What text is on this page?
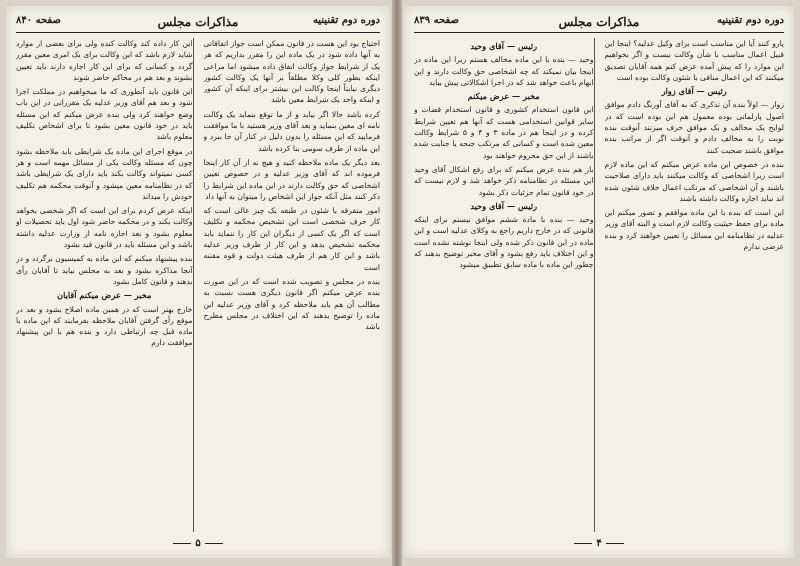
دوره دوم تقنینیه
مذاکرات مجلس
صفحه ۸۴۰

احتیاج بود این هست در قانون ممکن است جواز اتفاقاتی به آنها داده شود در یک ماده این را مقرر بداریم که هر یک از شرایط جواز وکالت اتفاق داده میشود اما مراعی اینکه بطور کلی وکلا مطلقاً بر آنها یک وکالت کشور دیگری نیابتاً اینجا وکالت این بیشتر برای اینکه آن کشور و اینکه واحد یک شرایط معین باشد

کرده باشد حالا اگر بیاید و از ما توقع بنماید یک وکالت نامه ای معین بنماید و بعد آقای وزیر هستید با ما موافقت فرمایید که این مسئله را بدون دلیل در کنار آن جا ببرد و این ماده از طرف سومی بنا کرده باشد

بعد دیگر یک ماده ملاحظه کنید و هیچ نه از آن کار اینجا فرموده اند که آقای وزیر عدلیه و در خصوص تعیین اشخاصی که حق وکالت دارند در این ماده این شرایط را ذکر کنند مثل آنکه جواز این اشخاص را میتوان به آنها داد

امور متفرقه یا شئون در طبقه یک چیز عالی است که کار حرف شخصی است این تشخیص محکمه و تکلیف است که اگر یک کسی از دیگران این کار را ننماید باید محکمه تشخیص بدهد و این کار از طرف وزیر عدلیه باشد و این کار هم از طرف هیئت دولت و قوه مقننه است

بنده در مجلس و تصویب شده است که در این صورت بنده عرض میکنم اگر قانون دیگری هست نسبت به مطالب آن هم باید ملاحظه کرد و آقای وزیر عدلیه این ماده را توضیح بدهند که این اختلاف در مجلس مطرح باشد

این کار داده کند وکالت کنده ولی برای بعضی از موارد شاید لازم باشد که این وکالت برای یک امری معین مقرر گردد و کسانی که برای این کار اجازه دارند باید تعیین بشوند و بعد هم در محاکم حاضر شوند

این قانون باید آنطوری که ما میخواهیم در مملکت اجرا شود و بعد هم آقای وزیر عدلیه یک مقرراتی در این باب وضع خواهند کرد ولی بنده عرض میکنم که این مسئله باید در خود قانون معین بشود تا برای اشخاص تکلیف معلوم باشد

در موقع اجرای این ماده یک شرایطی باید ملاحظه بشود چون که مسئله وکالت یکی از مسائل مهمه است و هر کسی نمیتواند وکالت بکند باید دارای یک شرایطی باشد که در نظامنامه معین میشود و آنوقت محکمه هم تکلیف خودش را میداند

اینکه عرض کردم برای این است که اگر شخصی بخواهد وکالت بکند و در محکمه حاضر شود اول باید تحصیلات او معلوم بشود و بعد اجازه نامه از وزارت عدلیه داشته باشد و این مسئله باید در قانون قید بشود

بنده پیشنهاد میکنم که این ماده به کمیسیون برگردد و در آنجا مذاکره بشود و بعد به مجلس بیاید تا آقایان رأی بدهند و قانون کامل بشود

مخبر — عرض میکنم آقایان

خارج بهتر است که در همین ماده اصلاح بشود و بعد در موقع رأی گرفتن آقایان ملاحظه بفرمایند که این ماده با ماده قبل چه ارتباطی دارد و بنده هم با این پیشنهاد موافقت دارم

۵
دوره دوم تقنینیه
مذاکرات مجلس
صفحه ۸۳۹

پارو کنند آیا این مناسب است برای وکیل عدلیه؟ اینجا این قبیل اعمال مناسب با شأن وکالت نیست و اگر بخواهیم این موارد را که پیش آمده عرض کنم همه آقایان تصدیق میکنند که این اعمال منافی با شئون وکالت بوده است

رئیس — آقای زوار

زوار — اولاً بنده آن تذکری که به آقای آورنگ دادم موافق اصول پارلمانی بوده معمول هم این بوده است که در لوایح یک مخالف و یک موافق حرف میزنند آنوقت بنده نوبت را به مخالف دادم و آنوقت اگر از مراتب بنده موافق باشند صحبت کنند

بنده در خصوص این ماده عرض میکنم که این ماده لازم است زیرا اشخاصی که وکالت میکنند باید دارای صلاحیت باشند و آن اشخاصی که مرتکب اعمال خلاف شئون شده اند نباید اجازه وکالت داشته باشند

این است که بنده با این ماده موافقم و تصور میکنم این ماده برای حفظ حیثیت وکالت لازم است و البته آقای وزیر عدلیه در نظامنامه این مسائل را تعیین خواهند کرد و بنده عرضی ندارم

رئیس — آقای وحید

وحید — بنده با این ماده مخالف هستم زیرا این ماده در اینجا بیان نمیکند که چه اشخاصی حق وکالت دارند و این ابهام باعث خواهد شد که در اجرا اشکالاتی پیش بیاید

مخبر — عرض میکنم

این قانون استخدام کشوری و قانون استخدام قضات و سایر قوانین استخدامی هست که آنها هم تعیین شرایط کرده و در اینجا هم در ماده ۳ و ۴ و ۵ شرایط وکالت معین شده است و کسانی که مرتکب جنحه یا جنایت شده باشند از این حق محروم خواهند بود

باز هم بنده عرض میکنم که برای رفع اشکال آقای وحید این مسئله در نظامنامه ذکر خواهد شد و لازم نیست که در خود قانون تمام جزئیات ذکر بشود

رئیس — آقای وحید

وحید — بنده با ماده ششم موافق نیستم برای اینکه قانونی که در خارج داریم راجع به وکلای عدلیه است و این ماده در این قانون ذکر شده ولی اینجا نوشته نشده است و این اختلاف باید رفع بشود و آقای مخبر توضیح بدهند که چطور این ماده با ماده سابق تطبیق میشود

۴
